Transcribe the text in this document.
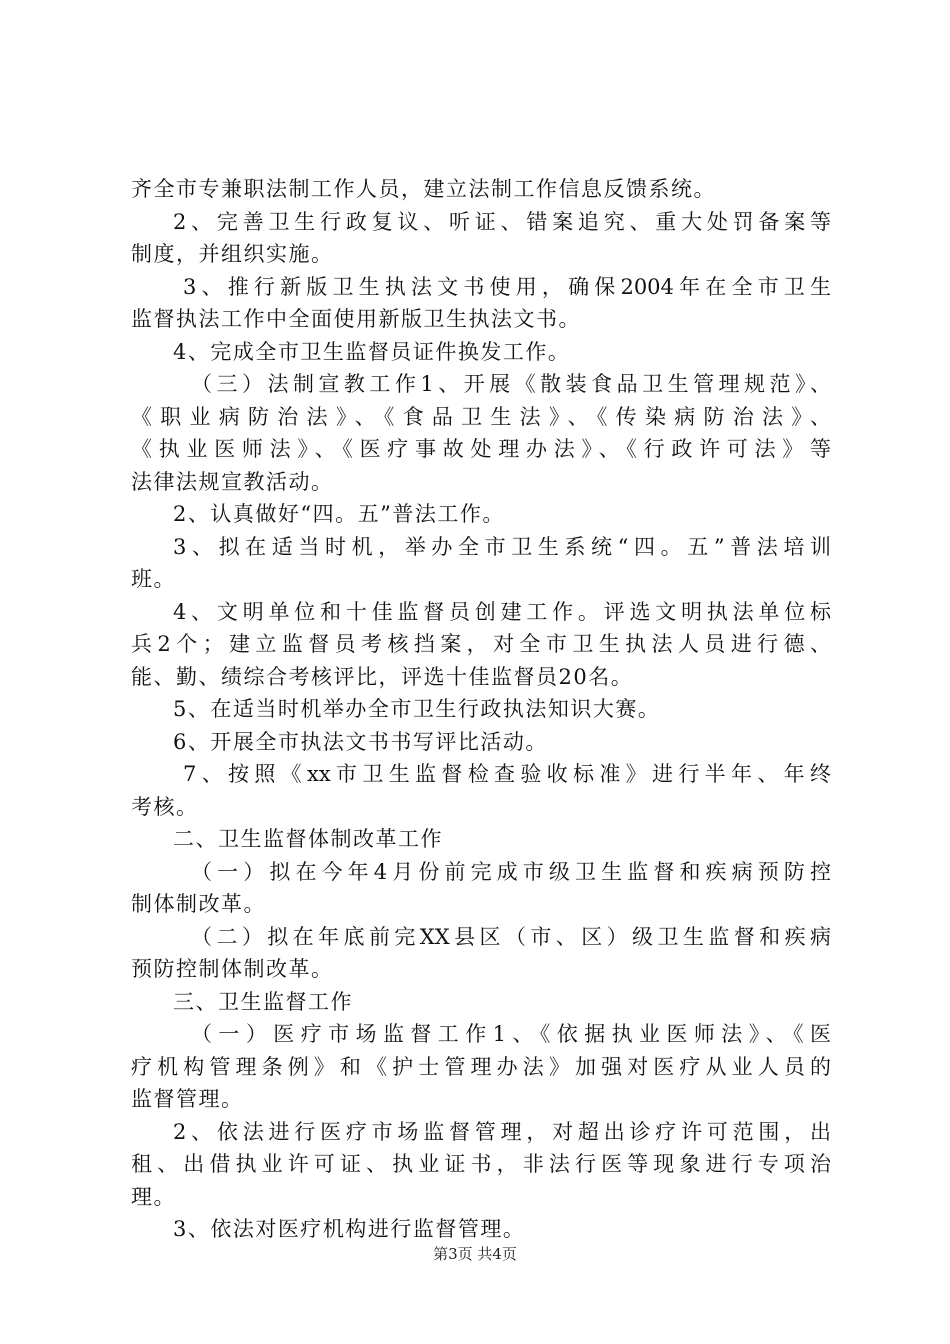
齐全市专兼职法制工作人员，建立法制工作信息反馈系统。
2、完善卫生行政复议、听证、错案追究、重大处罚备案等
制度，并组织实施。
3、推行新版卫生执法文书使用，确保2004年在全市卫生
监督执法工作中全面使用新版卫生执法文书。
4、完成全市卫生监督员证件换发工作。
（三）法制宣教工作1、开展《散装食品卫生管理规范》、
《职业病防治法》、《食品卫生法》、《传染病防治法》、
《执业医师法》、《医疗事故处理办法》、《行政许可法》等
法律法规宣教活动。
2、认真做好“四。五”普法工作。
3、拟在适当时机，举办全市卫生系统“四。五”普法培训
班。
4、文明单位和十佳监督员创建工作。评选文明执法单位标
兵2个；建立监督员考核挡案，对全市卫生执法人员进行德、
能、勤、绩综合考核评比，评选十佳监督员20名。
5、在适当时机举办全市卫生行政执法知识大赛。
6、开展全市执法文书书写评比活动。
7、按照《xx市卫生监督检查验收标准》进行半年、年终
考核。
二、卫生监督体制改革工作
（一）拟在今年4月份前完成市级卫生监督和疾病预防控
制体制改革。
（二）拟在年底前完XX县区（市、区）级卫生监督和疾病
预防控制体制改革。
三、卫生监督工作
（一）医疗市场监督工作1、《依据执业医师法》、《医
疗机构管理条例》和《护士管理办法》加强对医疗从业人员的
监督管理。
2、依法进行医疗市场监督管理，对超出诊疗许可范围，出
租、出借执业许可证、执业证书，非法行医等现象进行专项治
理。
3、依法对医疗机构进行监督管理。
第3页 共4页
